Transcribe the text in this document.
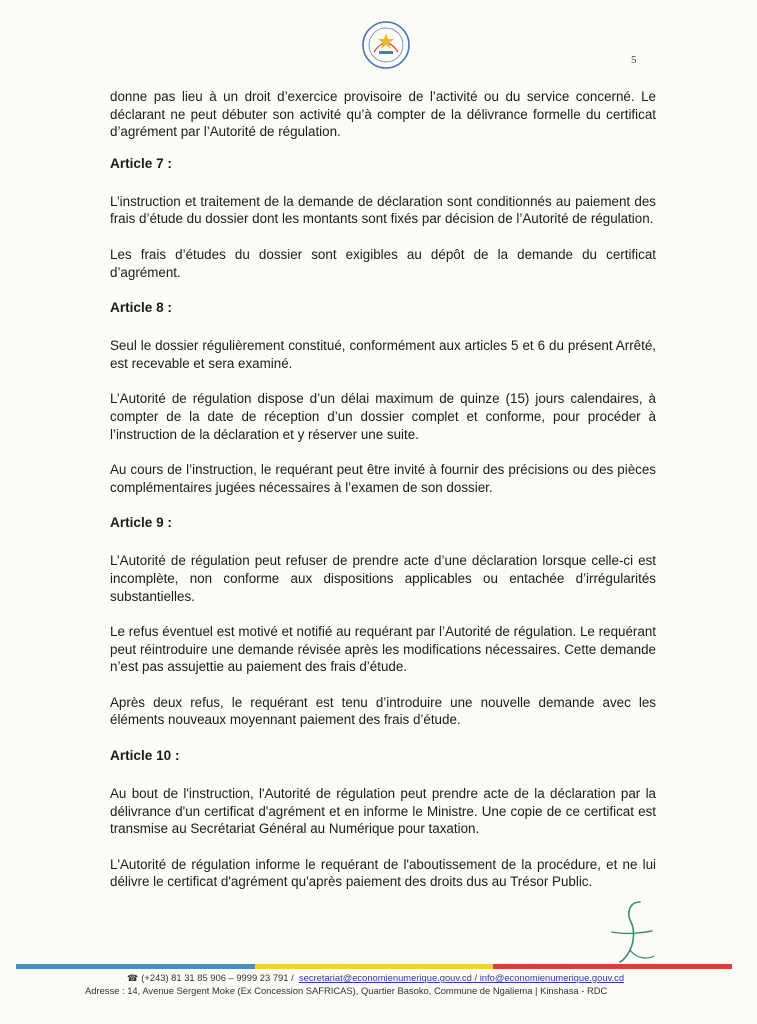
5

donne pas lieu à un droit d’exercice provisoire de l’activité ou du service concerné. Le déclarant ne peut débuter son activité qu’à compter de la délivrance formelle du certificat d’agrément par l’Autorité de régulation.

Article 7 :

L’instruction et traitement de la demande de déclaration sont conditionnés au paiement des frais d’étude du dossier dont les montants sont fixés par décision de l’Autorité de régulation.

Les frais d’études du dossier sont exigibles au dépôt de la demande du certificat d’agrément.

Article 8 :

Seul le dossier régulièrement constitué, conformément aux articles 5 et 6 du présent Arrêté, est recevable et sera examiné.

L’Autorité de régulation dispose d’un délai maximum de quinze (15) jours calendaires, à compter de la date de réception d’un dossier complet et conforme, pour procéder à l’instruction de la déclaration et y réserver une suite.

Au cours de l’instruction, le requérant peut être invité à fournir des précisions ou des pièces complémentaires jugées nécessaires à l’examen de son dossier.

Article 9 :

L’Autorité de régulation peut refuser de prendre acte d’une déclaration lorsque celle-ci est incomplète, non conforme aux dispositions applicables ou entachée d’irrégularités substantielles.

Le refus éventuel est motivé et notifié au requérant par l’Autorité de régulation. Le requérant peut réintroduire une demande révisée après les modifications nécessaires. Cette demande n’est pas assujettie au paiement des frais d’étude.

Après deux refus, le requérant est tenu d’introduire une nouvelle demande avec les éléments nouveaux moyennant paiement des frais d’étude.

Article 10 :

Au bout de l'instruction, l'Autorité de régulation peut prendre acte de la déclaration par la délivrance d'un certificat d'agrément et en informe le Ministre. Une copie de ce certificat est transmise au Secrétariat Général au Numérique pour taxation.

L'Autorité de régulation informe le requérant de l'aboutissement de la procédure, et ne lui délivre le certificat d'agrément qu'après paiement des droits dus au Trésor Public.

☎ (+243) 81 31 85 906 – 9999 23 791 / secretariat@economienumerique.gouv.cd / info@economienumerique.gouv.cd
Adresse : 14, Avenue Sergent Moke (Ex Concession SAFRICAS), Quartier Basoko, Commune de Ngaliema | Kinshasa - RDC
